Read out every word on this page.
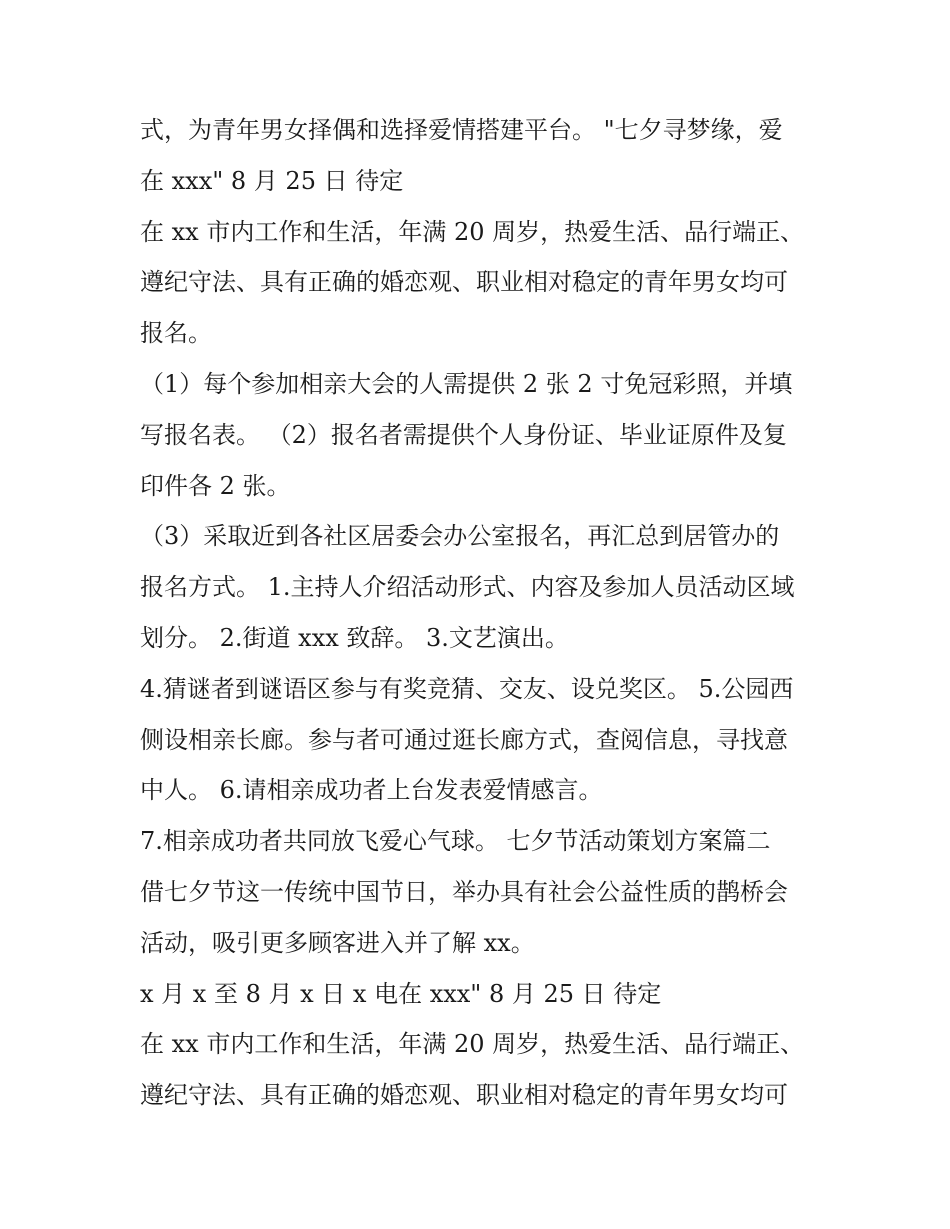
式，为青年男女择偶和选择爱情搭建平台。 "七夕寻梦缘，爱
在 xxx" 8 月 25 日 待定
在 xx 市内工作和生活，年满 20 周岁，热爱生活、品行端正、
遵纪守法、具有正确的婚恋观、职业相对稳定的青年男女均可
报名。
（1）每个参加相亲大会的人需提供 2 张 2 寸免冠彩照，并填
写报名表。 （2）报名者需提供个人身份证、毕业证原件及复
印件各 2 张。
（3）采取近到各社区居委会办公室报名，再汇总到居管办的
报名方式。 1.主持人介绍活动形式、内容及参加人员活动区域
划分。 2.街道 xxx 致辞。 3.文艺演出。
4.猜谜者到谜语区参与有奖竞猜、交友、设兑奖区。 5.公园西
侧设相亲长廊。参与者可通过逛长廊方式，查阅信息，寻找意
中人。 6.请相亲成功者上台发表爱情感言。
7.相亲成功者共同放飞爱心气球。 七夕节活动策划方案篇二
借七夕节这一传统中国节日，举办具有社会公益性质的鹊桥会
活动，吸引更多顾客进入并了解 xx。
x 月 x 至 8 月 x 日 x 电在 xxx" 8 月 25 日 待定
在 xx 市内工作和生活，年满 20 周岁，热爱生活、品行端正、
遵纪守法、具有正确的婚恋观、职业相对稳定的青年男女均可
